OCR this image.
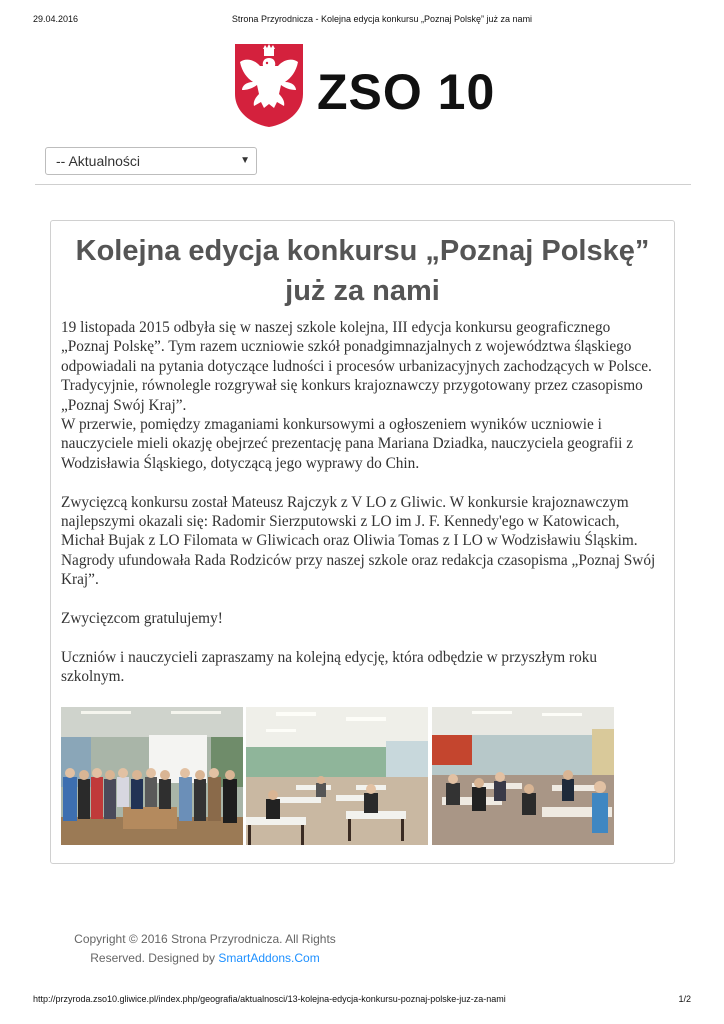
29.04.2016	Strona Przyrodnicza - Kolejna edycja konkursu „Poznaj Polskę” już za nami
ZSO 10
-- Aktualności	▼
Kolejna edycja konkursu „Poznaj Polskę” już za nami

19 listopada 2015 odbyła się w naszej szkole kolejna, III edycja konkursu geograficznego „Poznaj Polskę”. Tym razem uczniowie szkół ponadgimnazjalnych z województwa śląskiego odpowiadali na pytania dotyczące ludności i procesów urbanizacyjnych zachodzących w Polsce. Tradycyjnie, równolegle rozgrywał się konkurs krajoznawczy przygotowany przez czasopismo „Poznaj Swój Kraj”.

W przerwie, pomiędzy zmaganiami konkursowymi a ogłoszeniem wyników uczniowie i nauczyciele mieli okazję obejrzeć prezentację pana Mariana Dziadka, nauczyciela geografii z Wodzisławia Śląskiego, dotyczącą jego wyprawy do Chin.

Zwycięzcą konkursu został Mateusz Rajczyk z V LO z Gliwic. W konkursie krajoznawczym najlepszymi okazali się: Radomir Sierzputowski z LO im J. F. Kennedy'ego w Katowicach, Michał Bujak z LO Filomata w Gliwicach oraz Oliwia Tomas z I LO w Wodzisławiu Śląskim. Nagrody ufundowała Rada Rodziców przy naszej szkole oraz redakcja czasopisma „Poznaj Swój Kraj”.

Zwycięzcom gratulujemy!

Uczniów i nauczycieli zapraszamy na kolejną edycję, która odbędzie w przyszłym roku szkolnym.

Copyright © 2016 Strona Przyrodnicza. All Rights Reserved. Designed by SmartAddons.Com
http://przyroda.zso10.gliwice.pl/index.php/geografia/aktualnosci/13-kolejna-edycja-konkursu-poznaj-polske-juz-za-nami	1/2
